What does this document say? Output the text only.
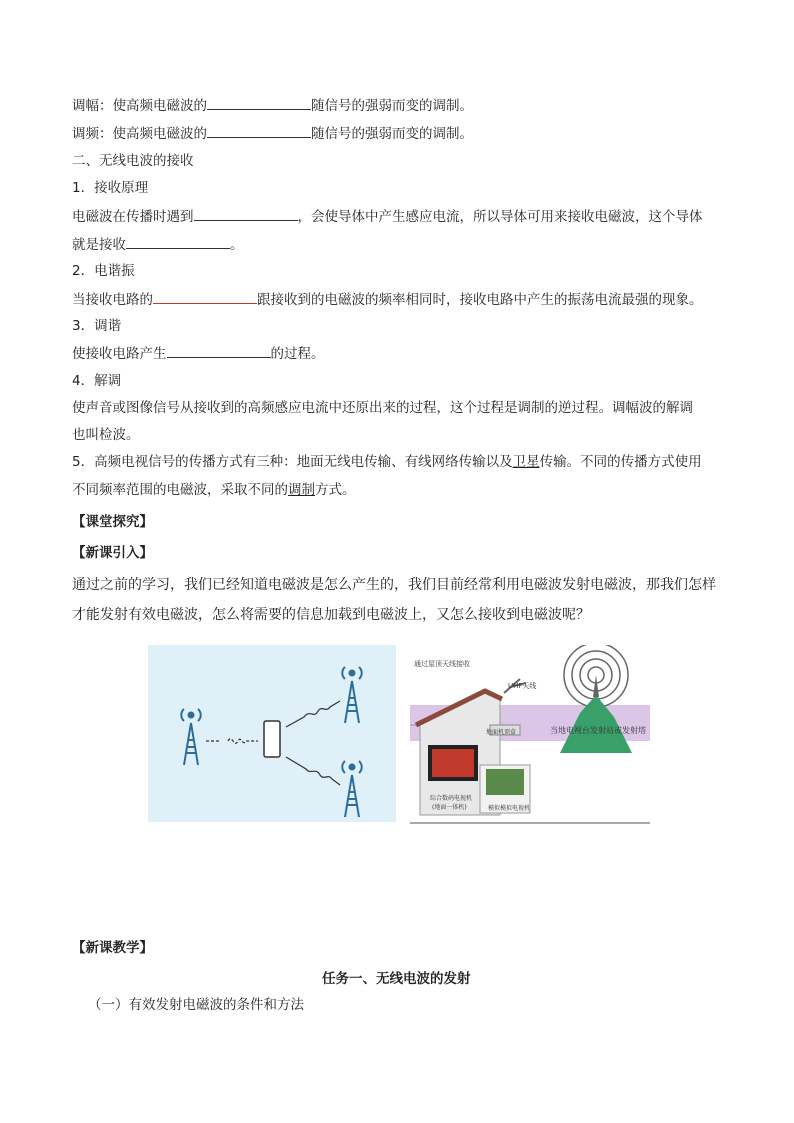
调幅：使高频电磁波的	随信号的强弱而变的调制。
调频：使高频电磁波的	随信号的强弱而变的调制。
二、无线电波的接收
1．接收原理
电磁波在传播时遇到	，会使导体中产生感应电流，所以导体可用来接收电磁波，这个导体
就是接收	。
2．电谐振
当接收电路的	跟接收到的电磁波的频率相同时，接收电路中产生的振荡电流最强的现象。
3．调谐
使接收电路产生	的过程。
4．解调
使声音或图像信号从接收到的高频感应电流中还原出来的过程，这个过程是调制的逆过程。调幅波的解调
也叫检波。
5．高频电视信号的传播方式有三种：地面无线电传输、有线网络传输以及卫星传输。不同的传播方式使用
不同频率范围的电磁波，采取不同的调制方式。
【课堂探究】
【新课引入】
通过之前的学习，我们已经知道电磁波是怎么产生的，我们目前经常利用电磁波发射电磁波，那我们怎样
才能发射有效电磁波，怎么将需要的信息加载到电磁波上，又怎么接收到电磁波呢？
通过屋顶天线接收
UHF天线
当地电视台发射站或发射塔
地面机顶盒
综合数码电视机
(地面一体机)	模拟模拟电视机
【新课教学】
任务一、无线电波的发射
（一）有效发射电磁波的条件和方法
